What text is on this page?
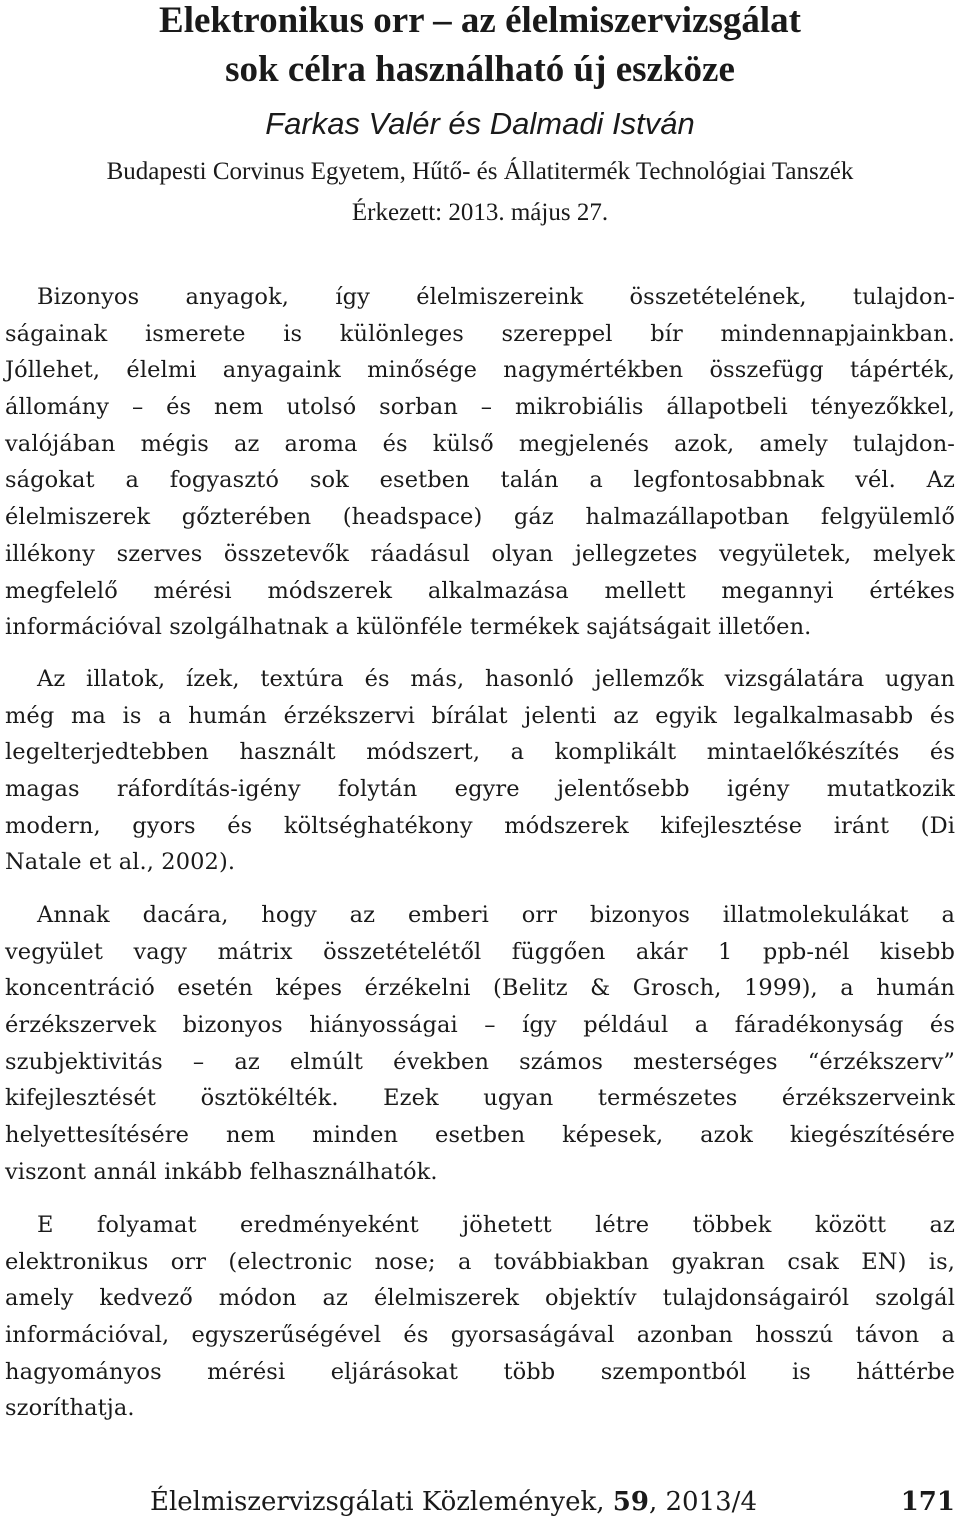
Elektronikus orr – az élelmiszervizsgálat
sok célra használható új eszköze
Farkas Valér és Dalmadi István
Budapesti Corvinus Egyetem, Hűtő- és Állatitermék Technológiai Tanszék
Érkezett: 2013. május 27.
Bizonyos anyagok, így élelmiszereink összetételének, tulajdon-
ságainak ismerete is különleges szereppel bír mindennapjainkban.
Jóllehet, élelmi anyagaink minősége nagymértékben összefügg tápérték,
állomány – és nem utolsó sorban – mikrobiális állapotbeli tényezőkkel,
valójában mégis az aroma és külső megjelenés azok, amely tulajdon-
ságokat a fogyasztó sok esetben talán a legfontosabbnak vél. Az
élelmiszerek gőzterében (headspace) gáz halmazállapotban felgyülemlő
illékony szerves összetevők ráadásul olyan jellegzetes vegyületek, melyek
megfelelő mérési módszerek alkalmazása mellett megannyi értékes
információval szolgálhatnak a különféle termékek sajátságait illetően.
Az illatok, ízek, textúra és más, hasonló jellemzők vizsgálatára ugyan
még ma is a humán érzékszervi bírálat jelenti az egyik legalkalmasabb és
legelterjedtebben használt módszert, a komplikált mintaelőkészítés és
magas ráfordítás-igény folytán egyre jelentősebb igény mutatkozik
modern, gyors és költséghatékony módszerek kifejlesztése iránt (Di
Natale et al., 2002).
Annak dacára, hogy az emberi orr bizonyos illatmolekulákat a
vegyület vagy mátrix összetételétől függően akár 1 ppb-nél kisebb
koncentráció esetén képes érzékelni (Belitz & Grosch, 1999), a humán
érzékszervek bizonyos hiányosságai – így például a fáradékonyság és
szubjektivitás – az elmúlt években számos mesterséges “érzékszerv”
kifejlesztését ösztökélték. Ezek ugyan természetes érzékszerveink
helyettesítésére nem minden esetben képesek, azok kiegészítésére
viszont annál inkább felhasználhatók.
E folyamat eredményeként jöhetett létre többek között az
elektronikus orr (electronic nose; a továbbiakban gyakran csak EN) is,
amely kedvező módon az élelmiszerek objektív tulajdonságairól szolgál
információval, egyszerűségével és gyorsaságával azonban hosszú távon a
hagyományos mérési eljárásokat több szempontból is háttérbe
szoríthatja.
Élelmiszervizsgálati Közlemények, 59, 2013/4	171
